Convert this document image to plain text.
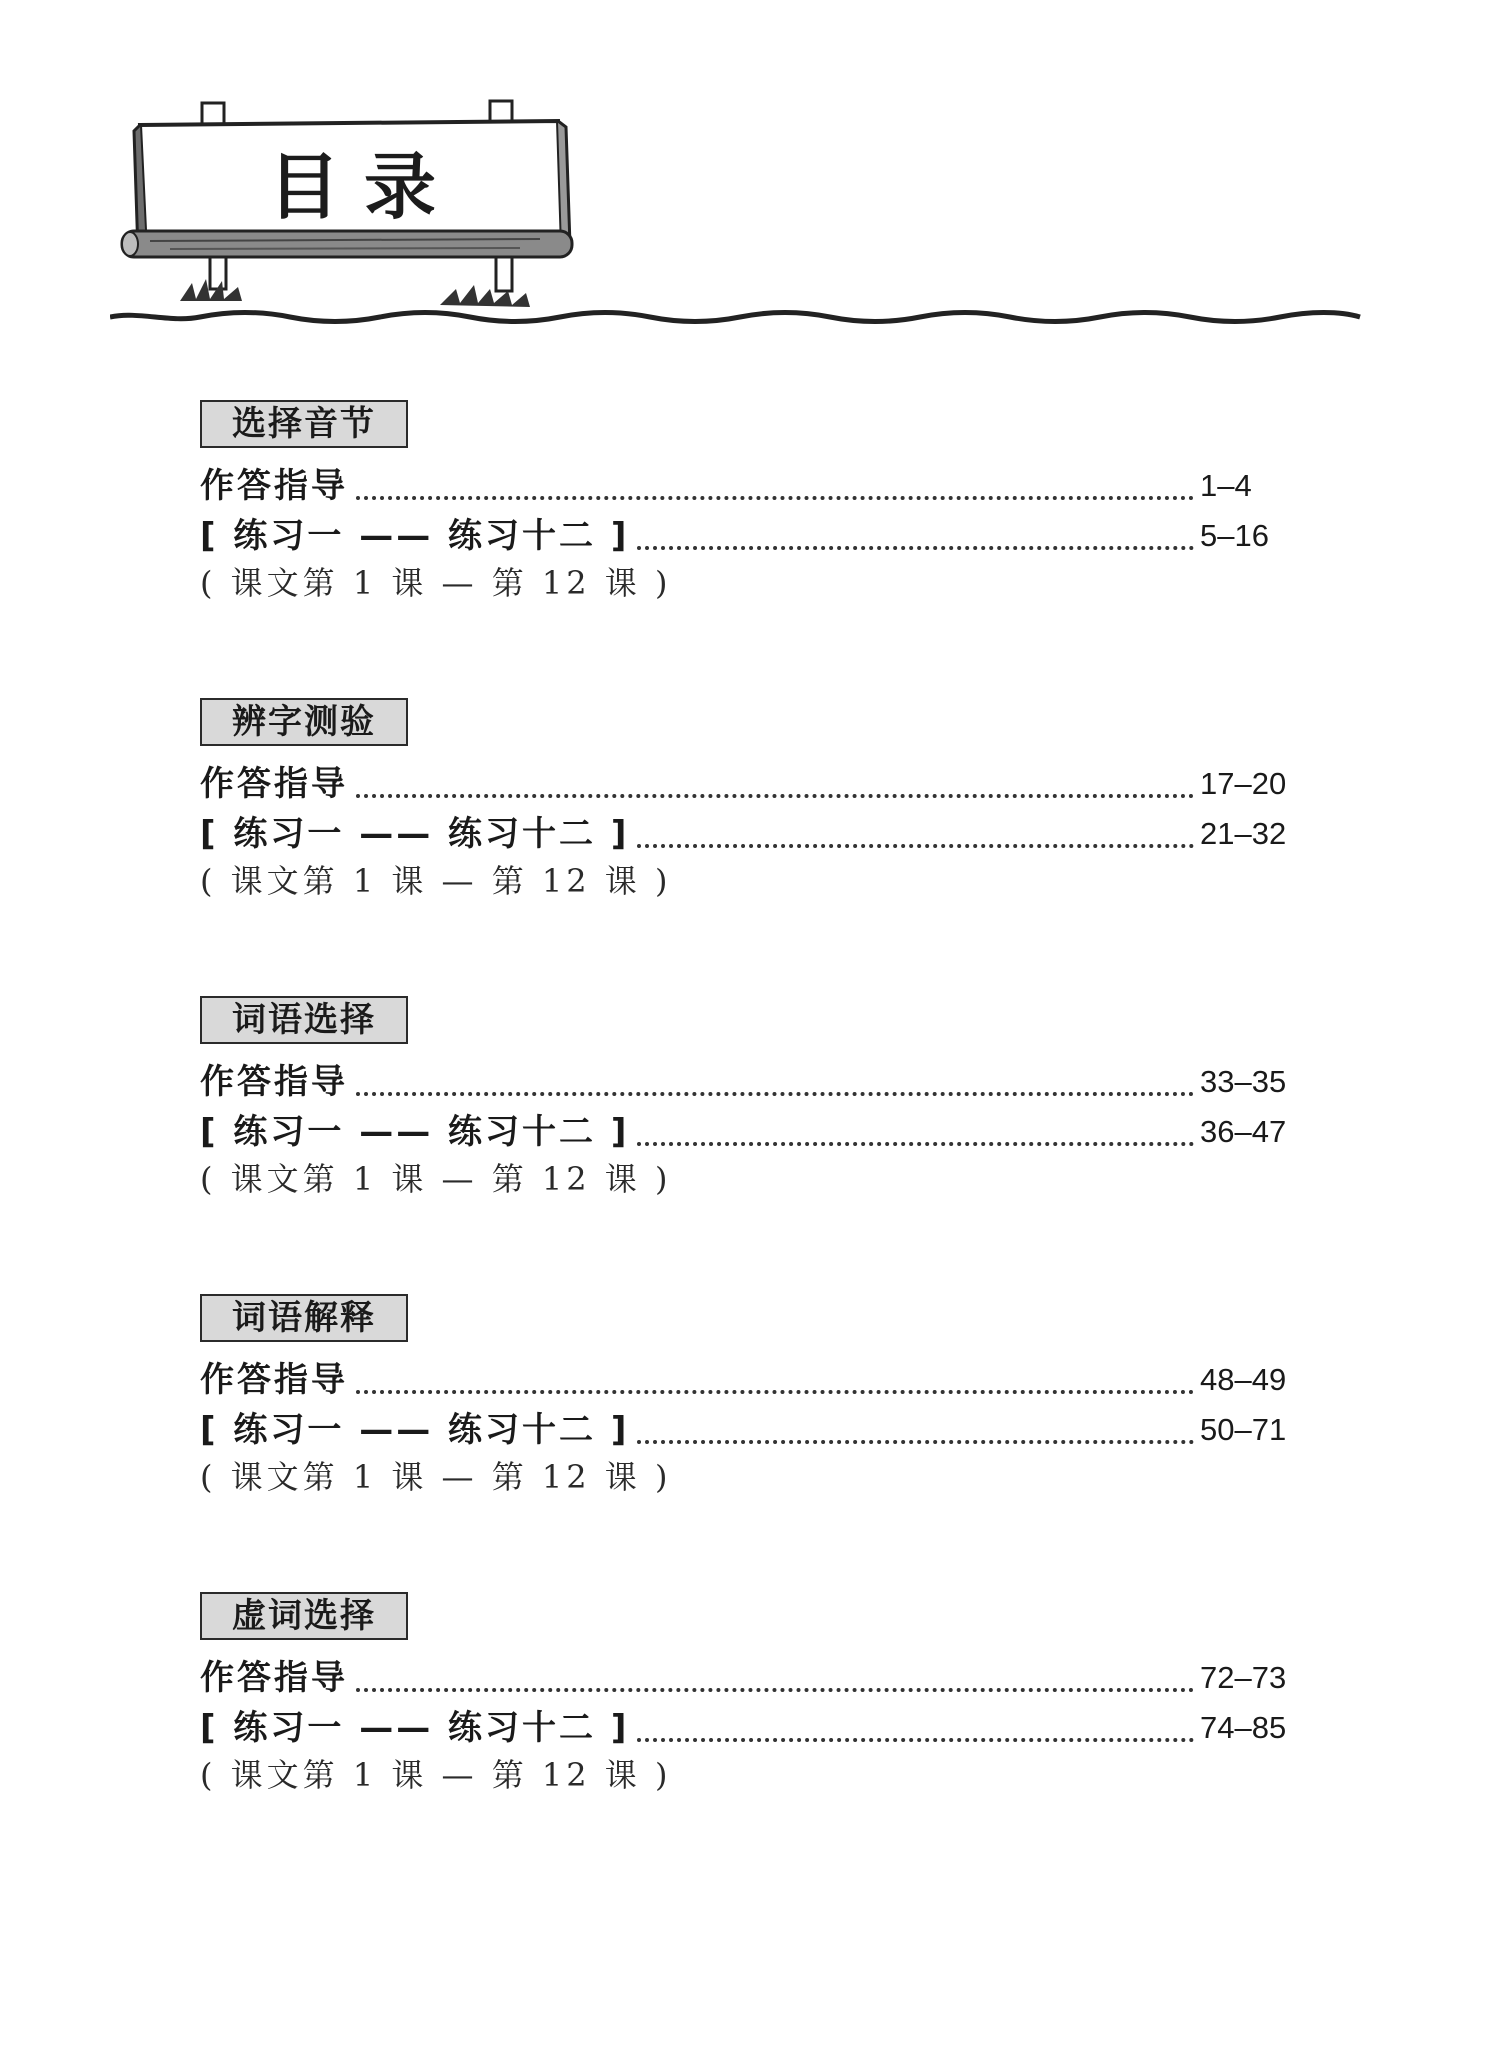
目录
选择音节
作答指导	1–4
[ 练习一 —— 练习十二 ]	5–16
( 课文第 1 课 — 第 12 课 )
辨字测验
作答指导	17–20
[ 练习一 —— 练习十二 ]	21–32
( 课文第 1 课 — 第 12 课 )
词语选择
作答指导	33–35
[ 练习一 —— 练习十二 ]	36–47
( 课文第 1 课 — 第 12 课 )
词语解释
作答指导	48–49
[ 练习一 —— 练习十二 ]	50–71
( 课文第 1 课 — 第 12 课 )
虚词选择
作答指导	72–73
[ 练习一 —— 练习十二 ]	74–85
( 课文第 1 课 — 第 12 课 )
